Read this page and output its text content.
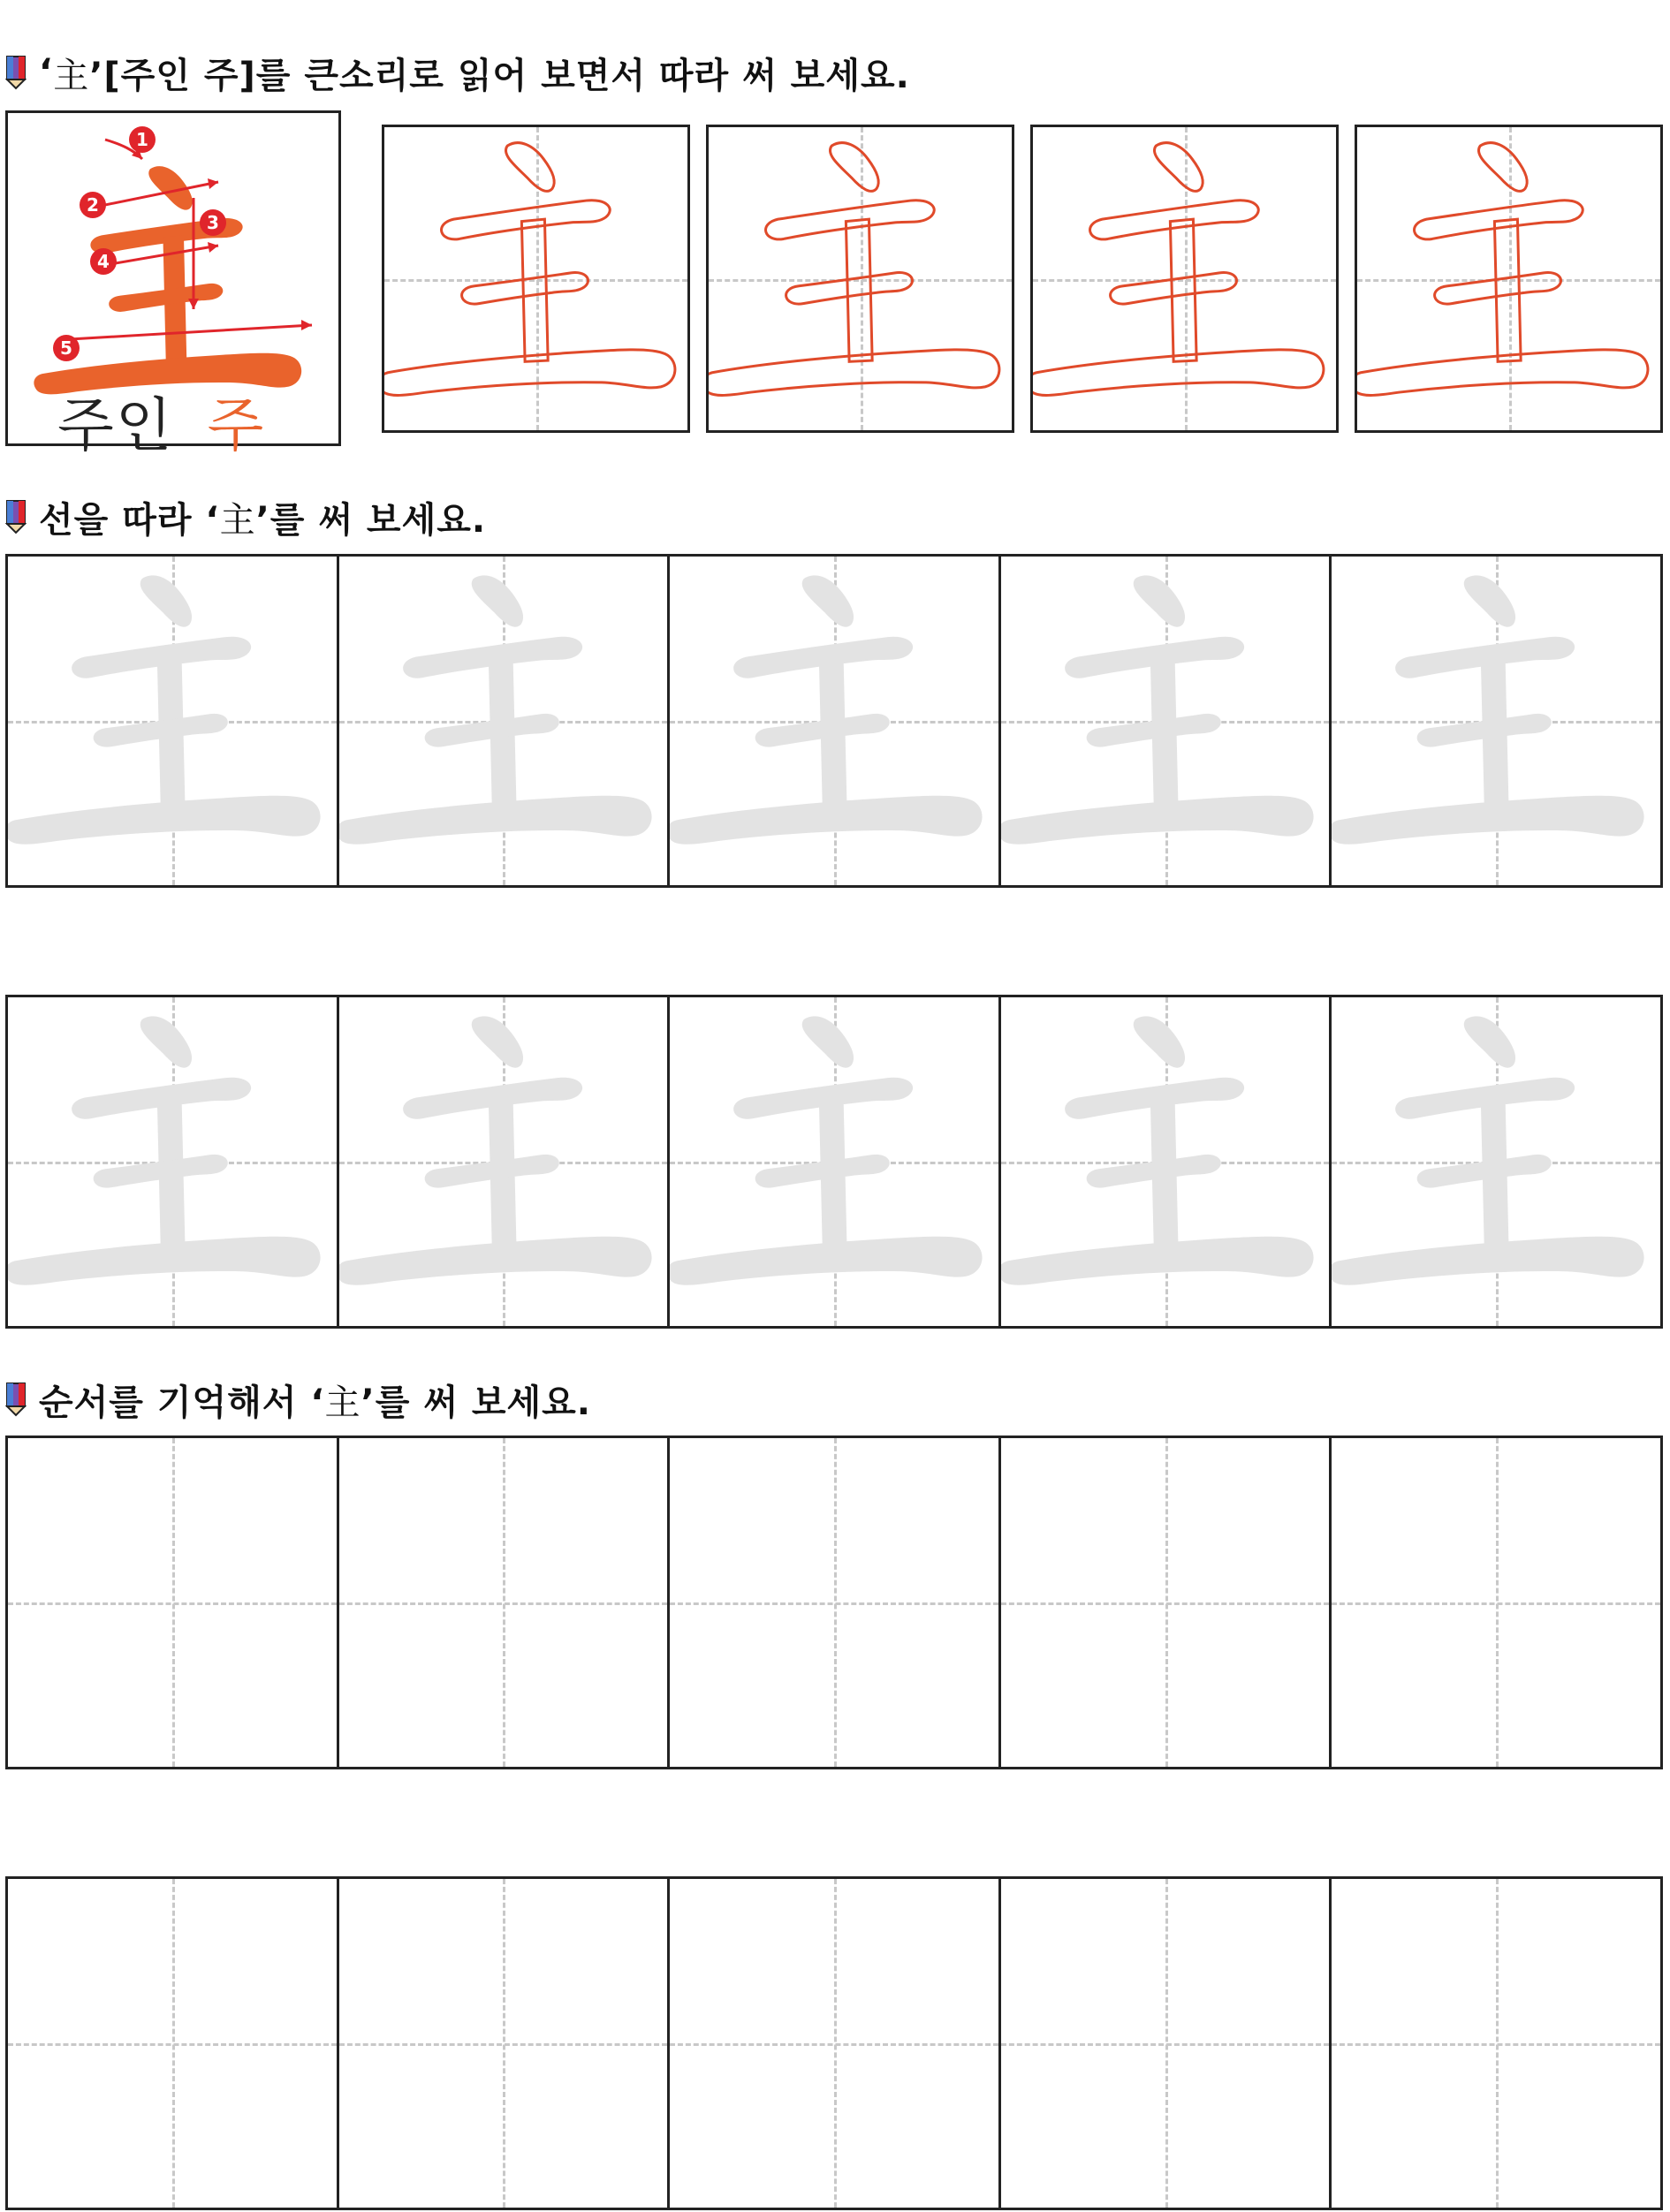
‘ 主 ’[주인 주]를 큰소리로 읽어 보면서 따라 써 보세요.
1
2
3
4
5
주인 주
선을 따라 ‘ 主 ’를 써 보세요.
순서를 기억해서 ‘ 主 ’를 써 보세요.
